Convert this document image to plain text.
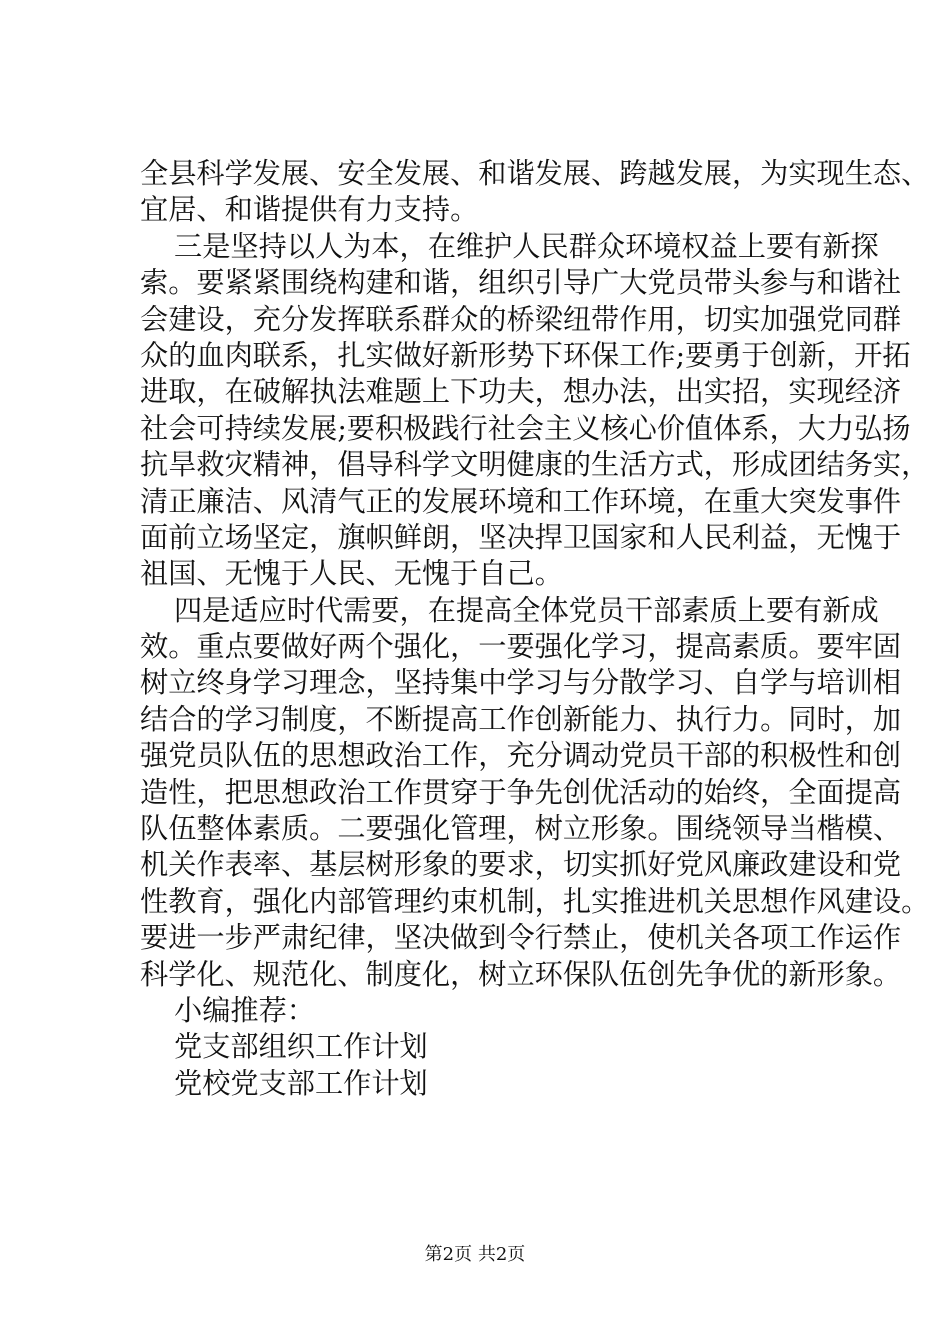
全县科学发展、安全发展、和谐发展、跨越发展，为实现生态、
宜居、和谐提供有力支持。
三是坚持以人为本，在维护人民群众环境权益上要有新探
索。要紧紧围绕构建和谐，组织引导广大党员带头参与和谐社
会建设，充分发挥联系群众的桥梁纽带作用，切实加强党同群
众的血肉联系，扎实做好新形势下环保工作;要勇于创新，开拓
进取，在破解执法难题上下功夫，想办法，出实招，实现经济
社会可持续发展;要积极践行社会主义核心价值体系，大力弘扬
抗旱救灾精神，倡导科学文明健康的生活方式，形成团结务实，
清正廉洁、风清气正的发展环境和工作环境，在重大突发事件
面前立场坚定，旗帜鲜朗，坚决捍卫国家和人民利益，无愧于
祖国、无愧于人民、无愧于自己。
四是适应时代需要，在提高全体党员干部素质上要有新成
效。重点要做好两个强化，一要强化学习，提高素质。要牢固
树立终身学习理念，坚持集中学习与分散学习、自学与培训相
结合的学习制度，不断提高工作创新能力、执行力。同时，加
强党员队伍的思想政治工作，充分调动党员干部的积极性和创
造性，把思想政治工作贯穿于争先创优活动的始终，全面提高
队伍整体素质。二要强化管理，树立形象。围绕领导当楷模、
机关作表率、基层树形象的要求，切实抓好党风廉政建设和党
性教育，强化内部管理约束机制，扎实推进机关思想作风建设。
要进一步严肃纪律，坚决做到令行禁止，使机关各项工作运作
科学化、规范化、制度化，树立环保队伍创先争优的新形象。
小编推荐：
党支部组织工作计划
党校党支部工作计划
第2页 共2页
